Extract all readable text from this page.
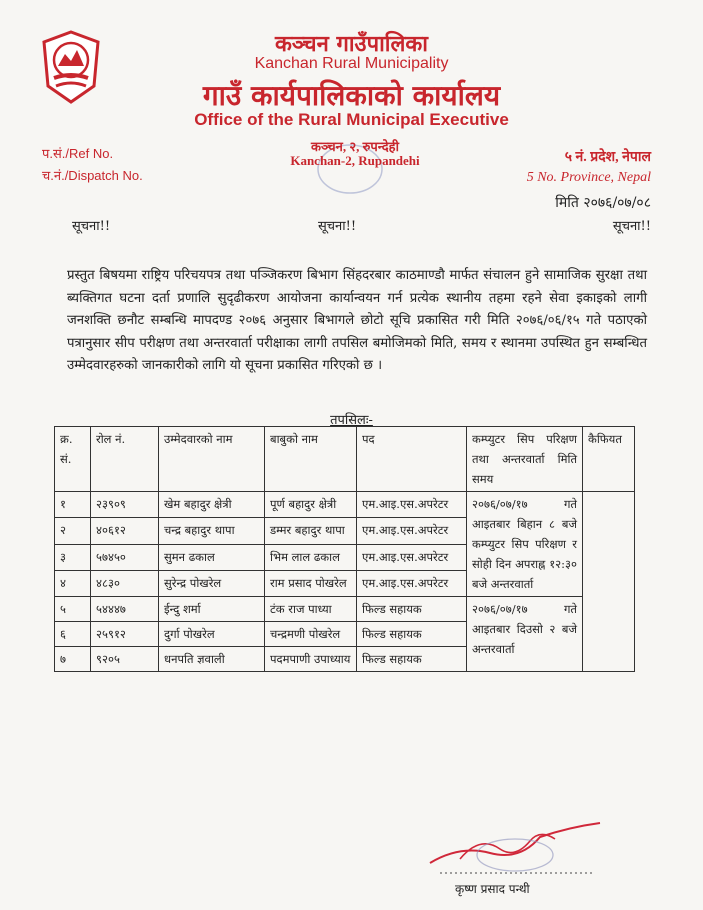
कञ्चन गाउँपालिका
Kanchan Rural Municipality
गाउँ कार्यपालिकाको कार्यालय
Office of the Rural Municipal Executive
प.सं./Ref No.
च.नं./Dispatch No.
कञ्चन, २, रुपन्देही
Kanchan-2, Rupandehi	५ नं. प्रदेश, नेपाल
5 No. Province, Nepal
मिति २०७६/०७/०८
सूचना!!	सूचना!!	सूचना!!
प्रस्तुत बिषयमा राष्ट्रिय परिचयपत्र तथा पञ्जिकरण बिभाग सिंहदरबार काठमाण्डौ मार्फत संचालन हुने सामाजिक सुरक्षा तथा ब्यक्तिगत घटना दर्ता प्रणालि सुदृढीकरण आयोजना कार्यान्वयन गर्न प्रत्येक स्थानीय तहमा रहने सेवा इकाइको लागी जनशक्ति छनौट सम्बन्धि मापदण्ड २०७६ अनुसार बिभागले छोटो सूचि प्रकासित गरी मिति २०७६/०६/१५ गते पठाएको पत्रानुसार सीप परीक्षण तथा अन्तरवार्ता परीक्षाका लागी तपसिल बमोजिमको मिति, समय र स्थानमा उपस्थित हुन सम्बन्धित उम्मेदवारहरुको जानकारीको लागि यो सूचना प्रकासित गरिएको छ ।
तपसिलः-
क्र. सं.	रोल नं.	उम्मेदवारको नाम	बाबुको नाम	पद	कम्प्युटर सिप परिक्षण तथा अन्तरवार्ता मिति समय	कैफियत
१	२३९०९	खेम बहादुर क्षेत्री	पूर्ण बहादुर क्षेत्री	एम.आइ.एस.अपरेटर	२०७६/०७/१७ गते आइतबार बिहान ८ बजे कम्प्युटर सिप परिक्षण र सोही दिन अपराह्न १२:३० बजे अन्तरवार्ता	
२	४०६१२	चन्द्र बहादुर थापा	डम्मर बहादुर थापा	एम.आइ.एस.अपरेटर		
३	५७४५०	सुमन ढकाल	भिम लाल ढकाल	एम.आइ.एस.अपरेटर		
४	४८३०	सुरेन्द्र पोखरेल	राम प्रसाद पोखरेल	एम.आइ.एस.अपरेटर		
५	५४४४७	ईन्दु शर्मा	टंक राज पाध्या	फिल्ड सहायक	२०७६/०७/१७ गते आइतबार दिउसो २ बजे अन्तरवार्ता	
६	२५९१२	दुर्गा पोखरेल	चन्द्रमणी पोखरेल	फिल्ड सहायक		
७	९२०५	धनपति ज्ञवाली	पदमपाणी उपाध्याय	फिल्ड सहायक		
कृष्ण प्रसाद पन्थी
